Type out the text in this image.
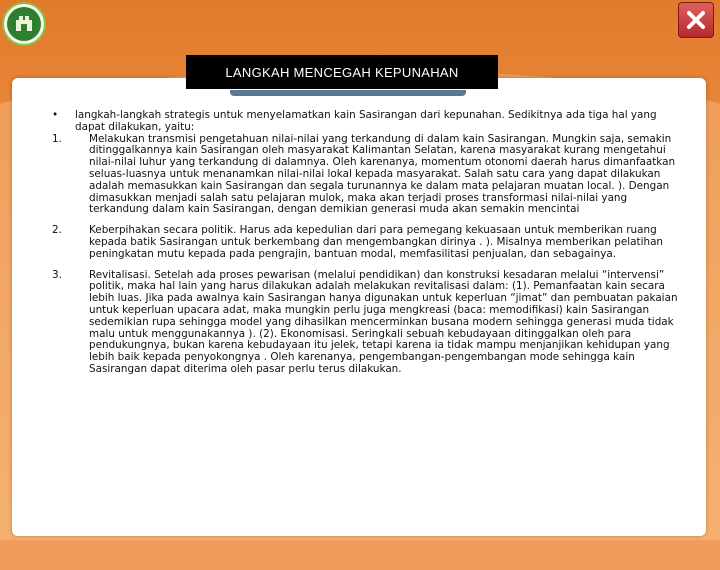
LANGKAH MENCEGAH KEPUNAHAN
•	langkah-langkah strategis untuk menyelamatkan kain Sasirangan dari kepunahan. Sedikitnya ada tiga hal yang dapat dilakukan, yaitu:
1.	Melakukan transmisi pengetahuan nilai-nilai yang terkandung di dalam kain Sasirangan. Mungkin saja, semakin ditinggalkannya kain Sasirangan oleh masyarakat Kalimantan Selatan, karena masyarakat kurang mengetahui nilai-nilai luhur yang terkandung di dalamnya. Oleh karenanya, momentum otonomi daerah harus dimanfaatkan seluas-luasnya untuk menanamkan nilai-nilai lokal kepada masyarakat. Salah satu cara yang dapat dilakukan adalah memasukkan kain Sasirangan dan segala turunannya ke dalam mata pelajaran muatan local. ). Dengan dimasukkan menjadi salah satu pelajaran mulok, maka akan terjadi proses transformasi nilai-nilai yang terkandung dalam kain Sasirangan, dengan demikian generasi muda akan semakin mencintai
2.	Keberpihakan secara politik. Harus ada kepedulian dari para pemegang kekuasaan untuk memberikan ruang kepada batik Sasirangan untuk berkembang dan mengembangkan dirinya . ). Misalnya memberikan pelatihan peningkatan mutu kepada pada pengrajin, bantuan modal, memfasilitasi penjualan, dan sebagainya.
3.	Revitalisasi. Setelah ada proses pewarisan (melalui pendidikan) dan konstruksi kesadaran melalui “intervensi” politik, maka hal lain yang harus dilakukan adalah melakukan revitalisasi dalam: (1). Pemanfaatan kain secara lebih luas. Jika pada awalnya kain Sasirangan hanya digunakan untuk keperluan “jimat” dan pembuatan pakaian untuk keperluan upacara adat, maka mungkin perlu juga mengkreasi (baca: memodifikasi) kain Sasirangan sedemikian rupa sehingga model yang dihasilkan mencerminkan busana modern sehingga generasi muda tidak malu untuk menggunakannya ). (2). Ekonomisasi. Seringkali sebuah kebudayaan ditinggalkan oleh para pendukungnya, bukan karena kebudayaan itu jelek, tetapi karena ia tidak mampu menjanjikan kehidupan yang lebih baik kepada penyokongnya . Oleh karenanya, pengembangan-pengembangan mode sehingga kain Sasirangan dapat diterima oleh pasar perlu terus dilakukan.
